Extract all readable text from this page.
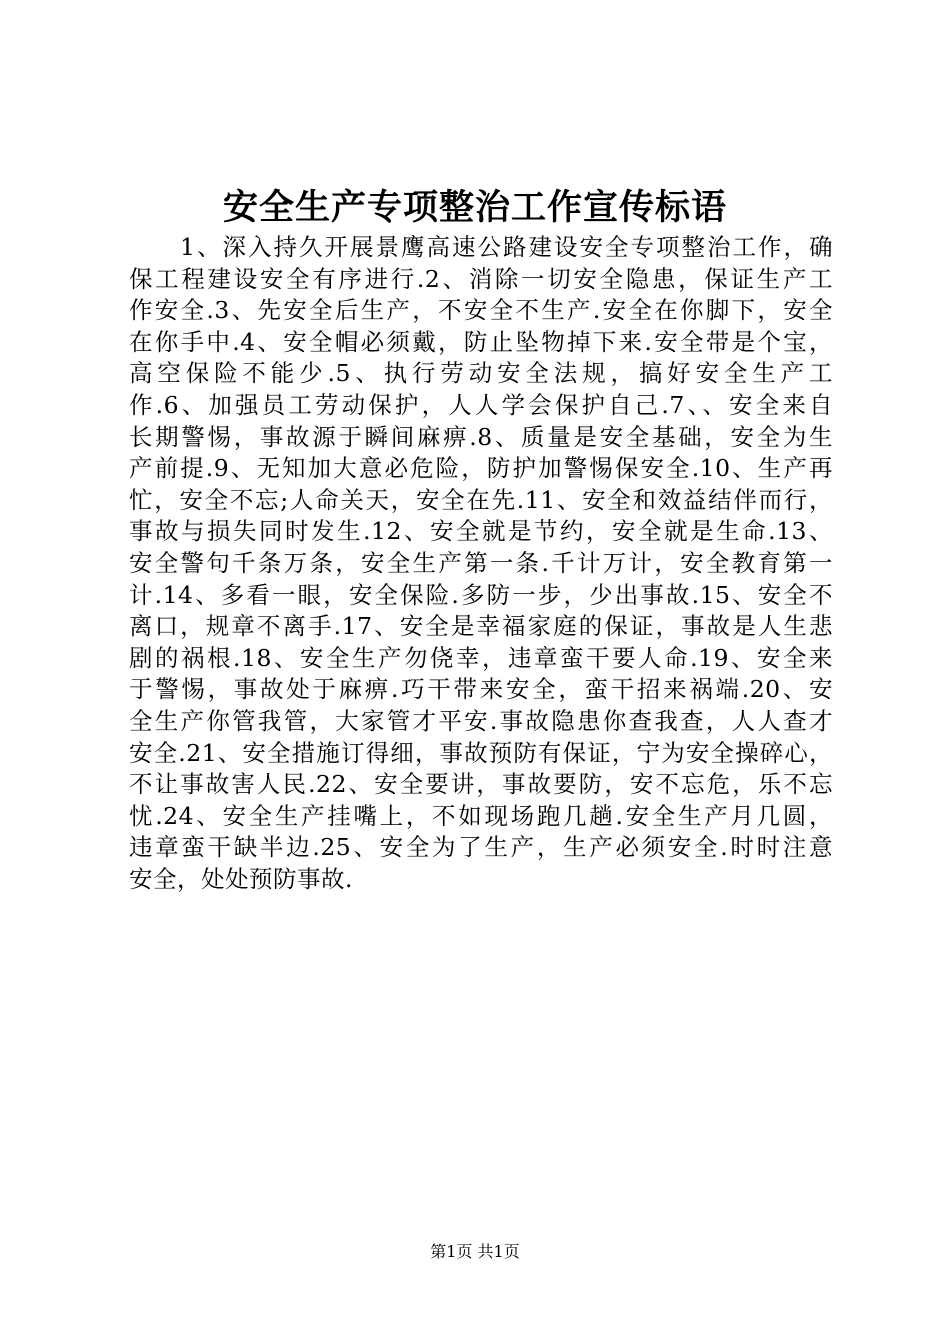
安全生产专项整治工作宣传标语
　　1、深入持久开展景鹰高速公路建设安全专项整治工作，确
保工程建设安全有序进行.2、消除一切安全隐患，保证生产工
作安全.3、先安全后生产，不安全不生产.安全在你脚下，安全
在你手中.4、安全帽必须戴，防止坠物掉下来.安全带是个宝，
高空保险不能少.5、执行劳动安全法规，搞好安全生产工
作.6、加强员工劳动保护，人人学会保护自己.7、、安全来自
长期警惕，事故源于瞬间麻痹.8、质量是安全基础，安全为生
产前提.9、无知加大意必危险，防护加警惕保安全.10、生产再
忙，安全不忘;人命关天，安全在先.11、安全和效益结伴而行，
事故与损失同时发生.12、安全就是节约，安全就是生命.13、
安全警句千条万条，安全生产第一条.千计万计，安全教育第一
计.14、多看一眼，安全保险.多防一步，少出事故.15、安全不
离口，规章不离手.17、安全是幸福家庭的保证，事故是人生悲
剧的祸根.18、安全生产勿侥幸，违章蛮干要人命.19、安全来
于警惕，事故处于麻痹.巧干带来安全，蛮干招来祸端.20、安
全生产你管我管，大家管才平安.事故隐患你查我查，人人查才
安全.21、安全措施订得细，事故预防有保证，宁为安全操碎心，
不让事故害人民.22、安全要讲，事故要防，安不忘危，乐不忘
忧.24、安全生产挂嘴上，不如现场跑几趟.安全生产月几圆，
违章蛮干缺半边.25、安全为了生产，生产必须安全.时时注意
安全，处处预防事故.
第1页 共1页
